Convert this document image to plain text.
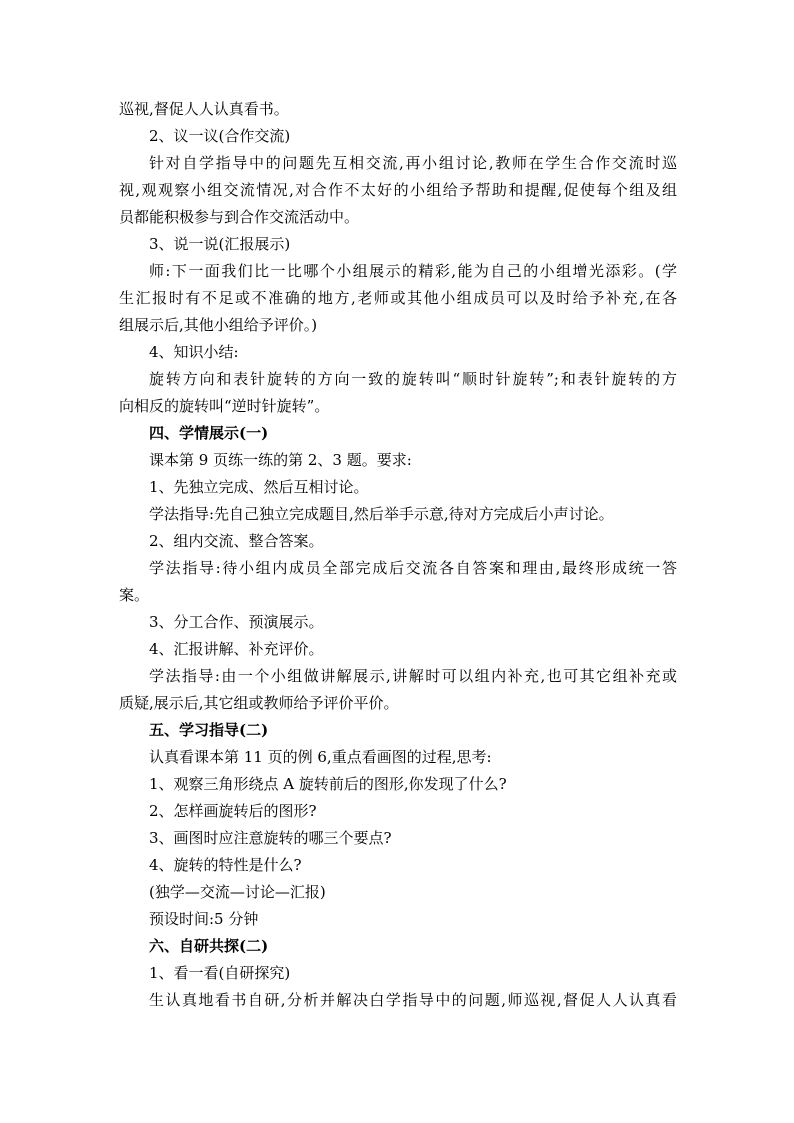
巡视,督促人人认真看书。
2、议一议(合作交流)
针对自学指导中的问题先互相交流,再小组讨论,教师在学生合作交流时巡
视,观观察小组交流情况,对合作不太好的小组给予帮助和提醒,促使每个组及组
员都能积极参与到合作交流活动中。
3、说一说(汇报展示)
师:下一面我们比一比哪个小组展示的精彩,能为自己的小组增光添彩。(学
生汇报时有不足或不准确的地方,老师或其他小组成员可以及时给予补充,在各
组展示后,其他小组给予评价。)
4、知识小结:
旋转方向和表针旋转的方向一致的旋转叫“顺时针旋转”;和表针旋转的方
向相反的旋转叫“逆时针旋转”。
四、学情展示(一)
课本第 9 页练一练的第 2、3 题。要求:
1、先独立完成、然后互相讨论。
学法指导:先自己独立完成题目,然后举手示意,待对方完成后小声讨论。
2、组内交流、整合答案。
学法指导:待小组内成员全部完成后交流各自答案和理由,最终形成统一答
案。
3、分工合作、预演展示。
4、汇报讲解、补充评价。
学法指导:由一个小组做讲解展示,讲解时可以组内补充,也可其它组补充或
质疑,展示后,其它组或教师给予评价平价。
五、学习指导(二)
认真看课本第 11 页的例 6,重点看画图的过程,思考:
1、观察三角形绕点 A 旋转前后的图形,你发现了什么?
2、怎样画旋转后的图形?
3、画图时应注意旋转的哪三个要点?
4、旋转的特性是什么?
(独学—交流—讨论—汇报)
预设时间:5 分钟
六、自研共探(二)
1、看一看(自研探究)
生认真地看书自研,分析并解决白学指导中的问题,师巡视,督促人人认真看
